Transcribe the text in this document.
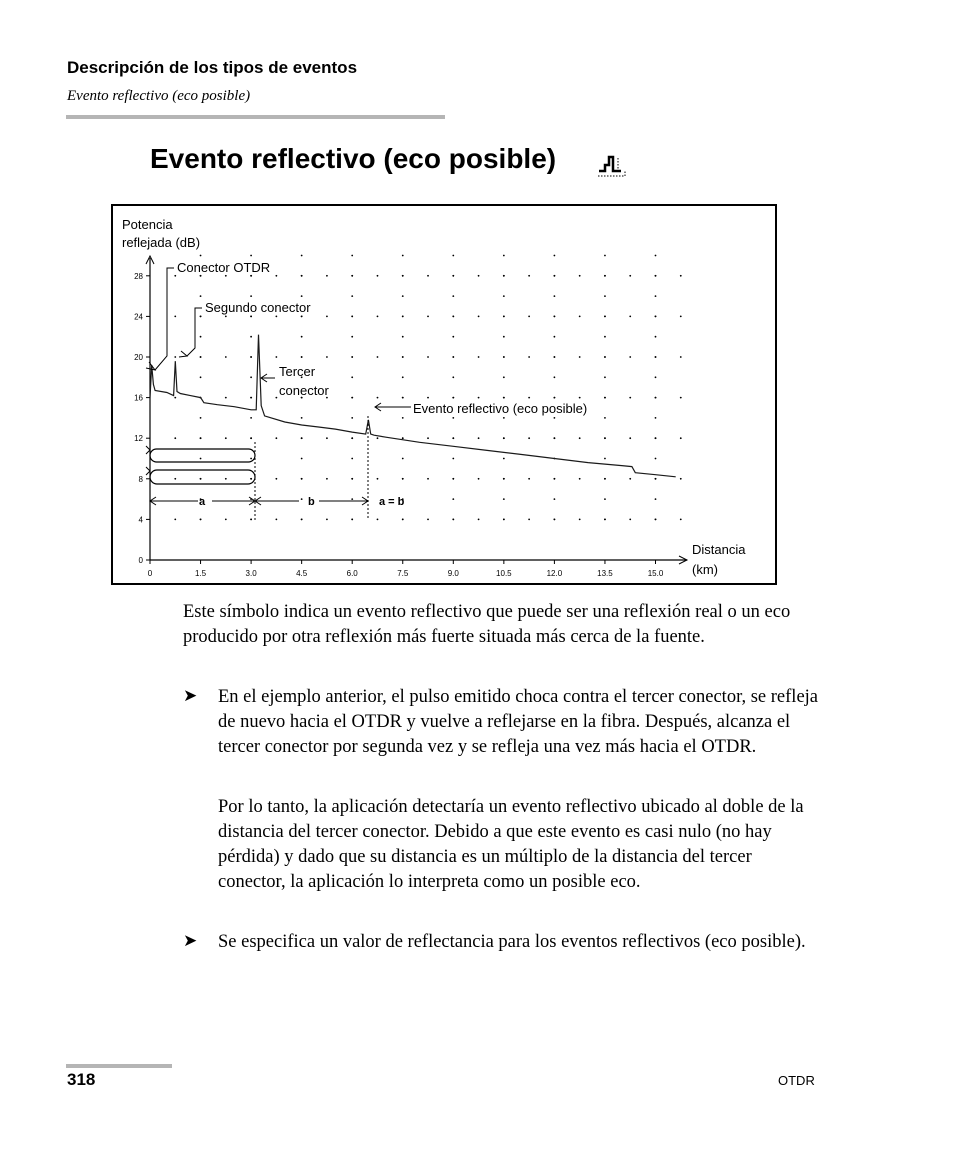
Descripción de los tipos de eventos
Evento reflectivo (eco posible)
Evento reflectivo (eco posible)
0	1.5	3.0	4.5	6.0	7.5	9.0	10.5	12.0	13.5	15.0
0
4
8
12
16
20
24
28
Potencia
reflejada (dB)
Distancia
(km)
a	b	a = b
Conector OTDR
Segundo conector
Tercer
conector
Evento reflectivo (eco posible)
Este símbolo indica un evento reflectivo que puede ser una reflexión real o un eco producido por otra reflexión más fuerte situada más cerca de la fuente.
➤ En el ejemplo anterior, el pulso emitido choca contra el tercer conector, se refleja de nuevo hacia el OTDR y vuelve a reflejarse en la fibra. Después, alcanza el tercer conector por segunda vez y se refleja una vez más hacia el OTDR.
Por lo tanto, la aplicación detectaría un evento reflectivo ubicado al doble de la distancia del tercer conector. Debido a que este evento es casi nulo (no hay pérdida) y dado que su distancia es un múltiplo de la distancia del tercer conector, la aplicación lo interpreta como un posible eco.
➤ Se especifica un valor de reflectancia para los eventos reflectivos (eco posible).
318	OTDR
